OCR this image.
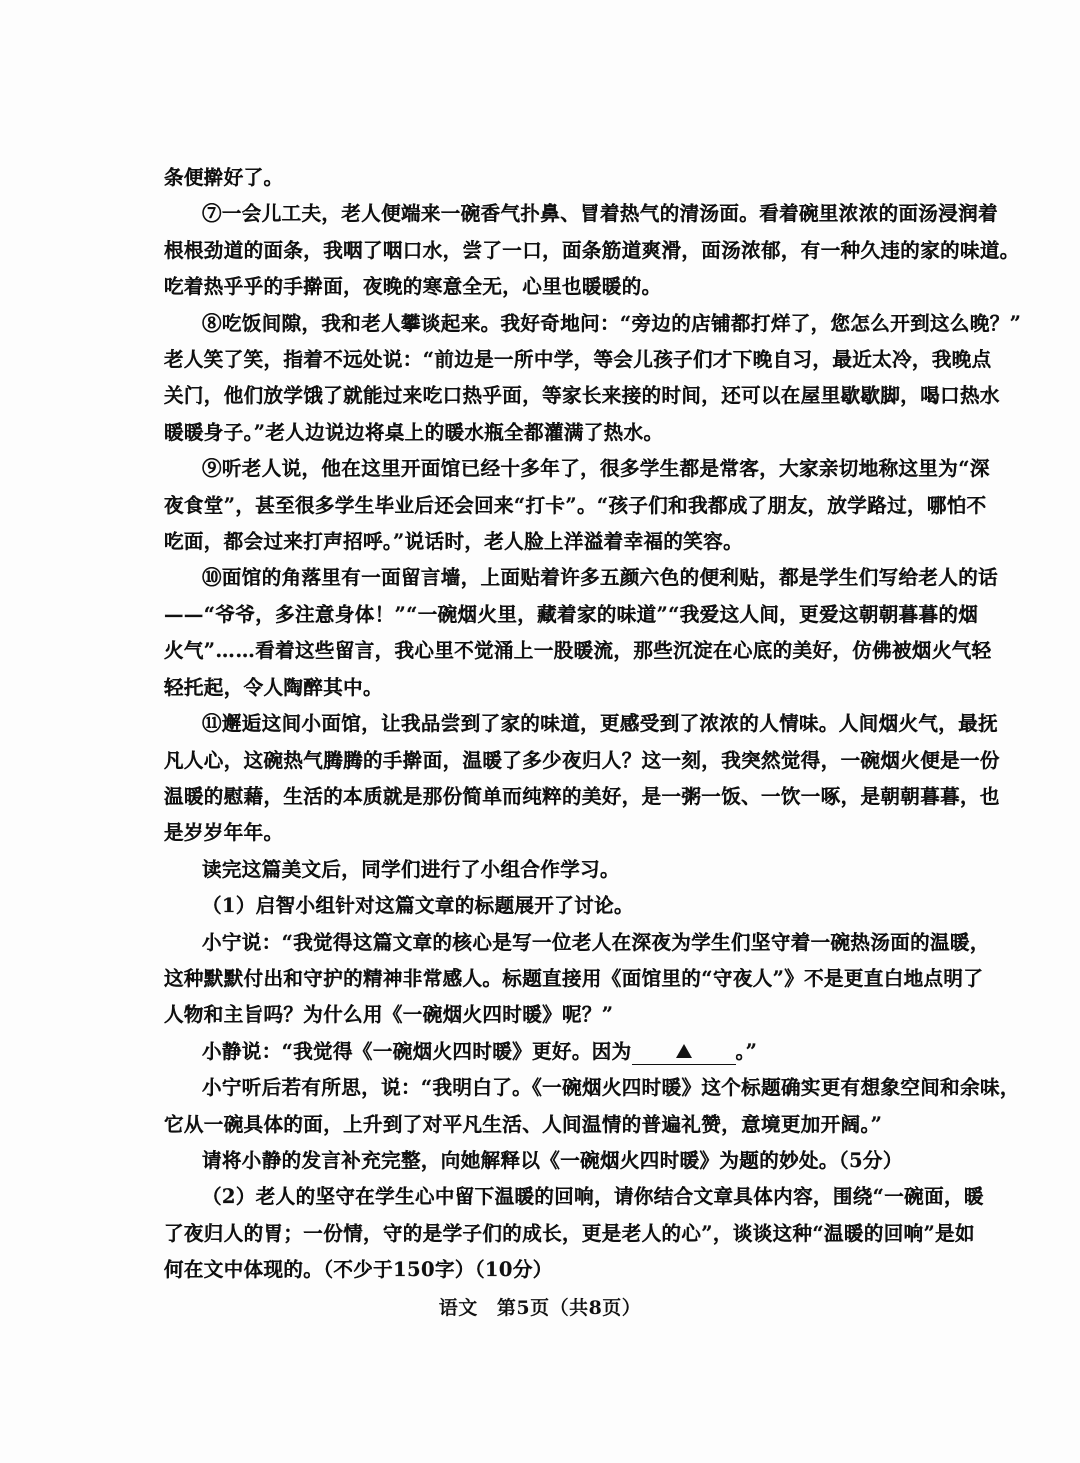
条便擀好了。
⑦一会儿工夫，老人便端来一碗香气扑鼻、冒着热气的清汤面。看着碗里浓浓的面汤浸润着
根根劲道的面条，我咽了咽口水，尝了一口，面条筋道爽滑，面汤浓郁，有一种久违的家的味道。
吃着热乎乎的手擀面，夜晚的寒意全无，心里也暖暖的。
⑧吃饭间隙，我和老人攀谈起来。我好奇地问：“旁边的店铺都打烊了，您怎么开到这么晚？”
老人笑了笑，指着不远处说：“前边是一所中学，等会儿孩子们才下晚自习，最近太冷，我晚点
关门，他们放学饿了就能过来吃口热乎面，等家长来接的时间，还可以在屋里歇歇脚，喝口热水
暖暖身子。”老人边说边将桌上的暖水瓶全都灌满了热水。
⑨听老人说，他在这里开面馆已经十多年了，很多学生都是常客，大家亲切地称这里为“深
夜食堂”，甚至很多学生毕业后还会回来“打卡”。“孩子们和我都成了朋友，放学路过，哪怕不
吃面，都会过来打声招呼。”说话时，老人脸上洋溢着幸福的笑容。
⑩面馆的角落里有一面留言墙，上面贴着许多五颜六色的便利贴，都是学生们写给老人的话
——“爷爷，多注意身体！”“一碗烟火里，藏着家的味道”“我爱这人间，更爱这朝朝暮暮的烟
火气”……看着这些留言，我心里不觉涌上一股暖流，那些沉淀在心底的美好，仿佛被烟火气轻
轻托起，令人陶醉其中。
⑪邂逅这间小面馆，让我品尝到了家的味道，更感受到了浓浓的人情味。人间烟火气，最抚
凡人心，这碗热气腾腾的手擀面，温暖了多少夜归人？这一刻，我突然觉得，一碗烟火便是一份
温暖的慰藉，生活的本质就是那份简单而纯粹的美好，是一粥一饭、一饮一啄，是朝朝暮暮，也
是岁岁年年。
读完这篇美文后，同学们进行了小组合作学习。
（1）启智小组针对这篇文章的标题展开了讨论。
小宁说：“我觉得这篇文章的核心是写一位老人在深夜为学生们坚守着一碗热汤面的温暖，
这种默默付出和守护的精神非常感人。标题直接用《面馆里的“守夜人”》不是更直白地点明了
人物和主旨吗？为什么用《一碗烟火四时暖》呢？”
小静说：“我觉得《一碗烟火四时暖》更好。因为	。”
小宁听后若有所思，说：“我明白了。《一碗烟火四时暖》这个标题确实更有想象空间和余味，
它从一碗具体的面，上升到了对平凡生活、人间温情的普遍礼赞，意境更加开阔。”
请将小静的发言补充完整，向她解释以《一碗烟火四时暖》为题的妙处。（5分）
（2）老人的坚守在学生心中留下温暖的回响，请你结合文章具体内容，围绕“一碗面，暖
了夜归人的胃；一份情，守的是学子们的成长，更是老人的心”，谈谈这种“温暖的回响”是如
何在文中体现的。（不少于150字）（10分）
语文 第5页（共8页）
